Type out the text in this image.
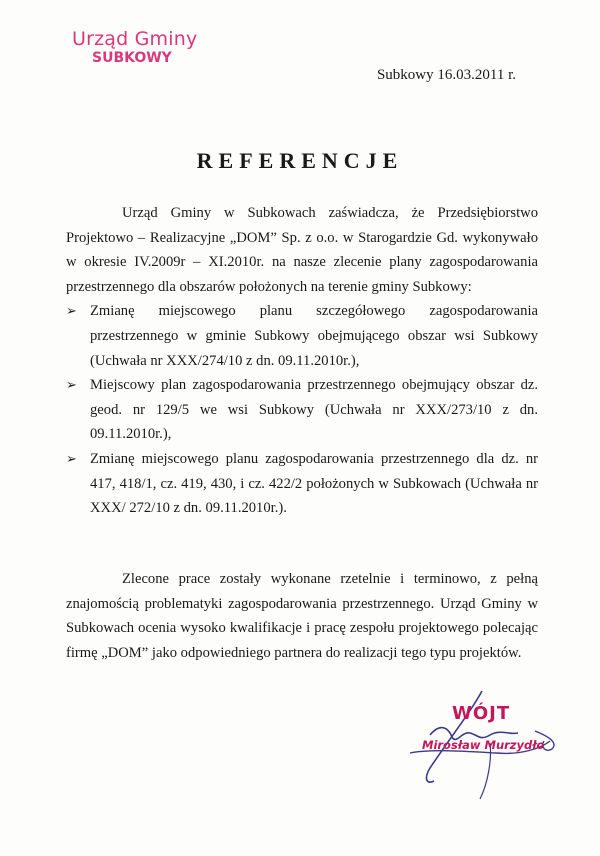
Urząd Gminy
SUBKOWY
Subkowy 16.03.2011 r.
REFERENCJE

Urząd Gminy w Subkowach zaświadcza, że Przedsiębiorstwo Projektowo – Realizacyjne „DOM” Sp. z o.o. w Starogardzie Gd. wykonywało w okresie IV.2009r – XI.2010r. na nasze zlecenie plany zagospodarowania przestrzennego dla obszarów położonych na terenie gminy Subkowy:

➢ Zmianę miejscowego planu szczegółowego zagospodarowania przestrzennego w gminie Subkowy obejmującego obszar wsi Subkowy (Uchwała nr XXX/274/10 z dn. 09.11.2010r.),
➢ Miejscowy plan zagospodarowania przestrzennego obejmujący obszar dz. geod. nr 129/5 we wsi Subkowy (Uchwała nr XXX/273/10 z dn. 09.11.2010r.),
➢ Zmianę miejscowego planu zagospodarowania przestrzennego dla dz. nr 417, 418/1, cz. 419, 430, i cz. 422/2 położonych w Subkowach (Uchwała nr XXX/ 272/10 z dn. 09.11.2010r.).

Zlecone prace zostały wykonane rzetelnie i terminowo, z pełną znajomością problematyki zagospodarowania przestrzennego. Urząd Gminy w Subkowach ocenia wysoko kwalifikacje i pracę zespołu projektowego polecając firmę „DOM” jako odpowiedniego partnera do realizacji tego typu projektów.

WÓJT
Mirosław Murzydło
